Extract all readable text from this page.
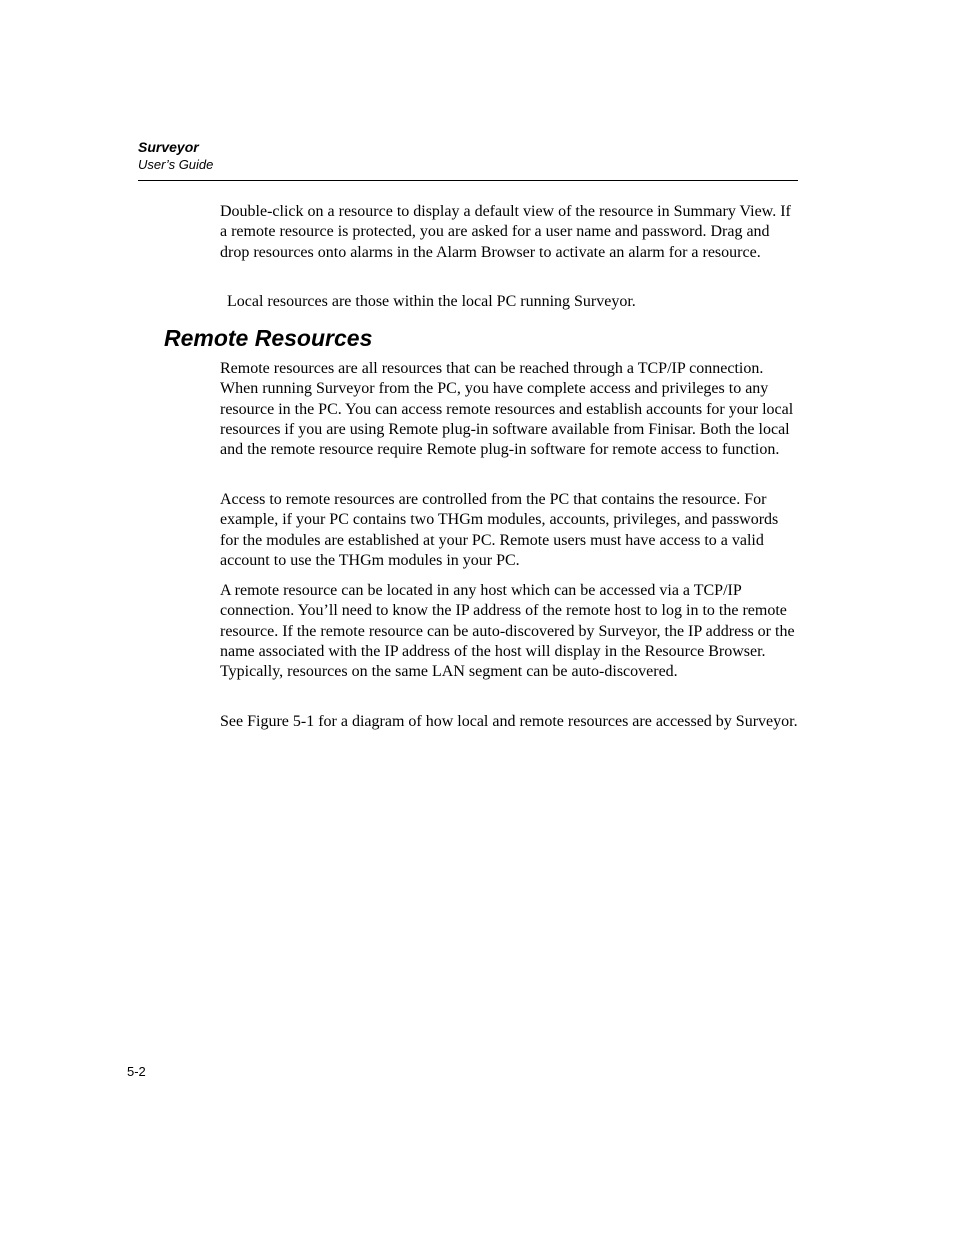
Surveyor
User’s Guide

Double-click on a resource to display a default view of the resource in Summary View. If a remote resource is protected, you are asked for a user name and password. Drag and drop resources onto alarms in the Alarm Browser to activate an alarm for a resource.

Local resources are those within the local PC running Surveyor.

Remote Resources

Remote resources are all resources that can be reached through a TCP/IP connection. When running Surveyor from the PC, you have complete access and privileges to any resource in the PC. You can access remote resources and establish accounts for your local resources if you are using Remote plug-in software available from Finisar. Both the local and the remote resource require Remote plug-in software for remote access to function.

Access to remote resources are controlled from the PC that contains the resource. For example, if your PC contains two THGm modules, accounts, privileges, and passwords for the modules are established at your PC. Remote users must have access to a valid account to use the THGm modules in your PC.

A remote resource can be located in any host which can be accessed via a TCP/IP connection. You’ll need to know the IP address of the remote host to log in to the remote resource. If the remote resource can be auto-discovered by Surveyor, the IP address or the name associated with the IP address of the host will display in the Resource Browser. Typically, resources on the same LAN segment can be auto-discovered.

See Figure 5-1 for a diagram of how local and remote resources are accessed by Surveyor.

5-2
